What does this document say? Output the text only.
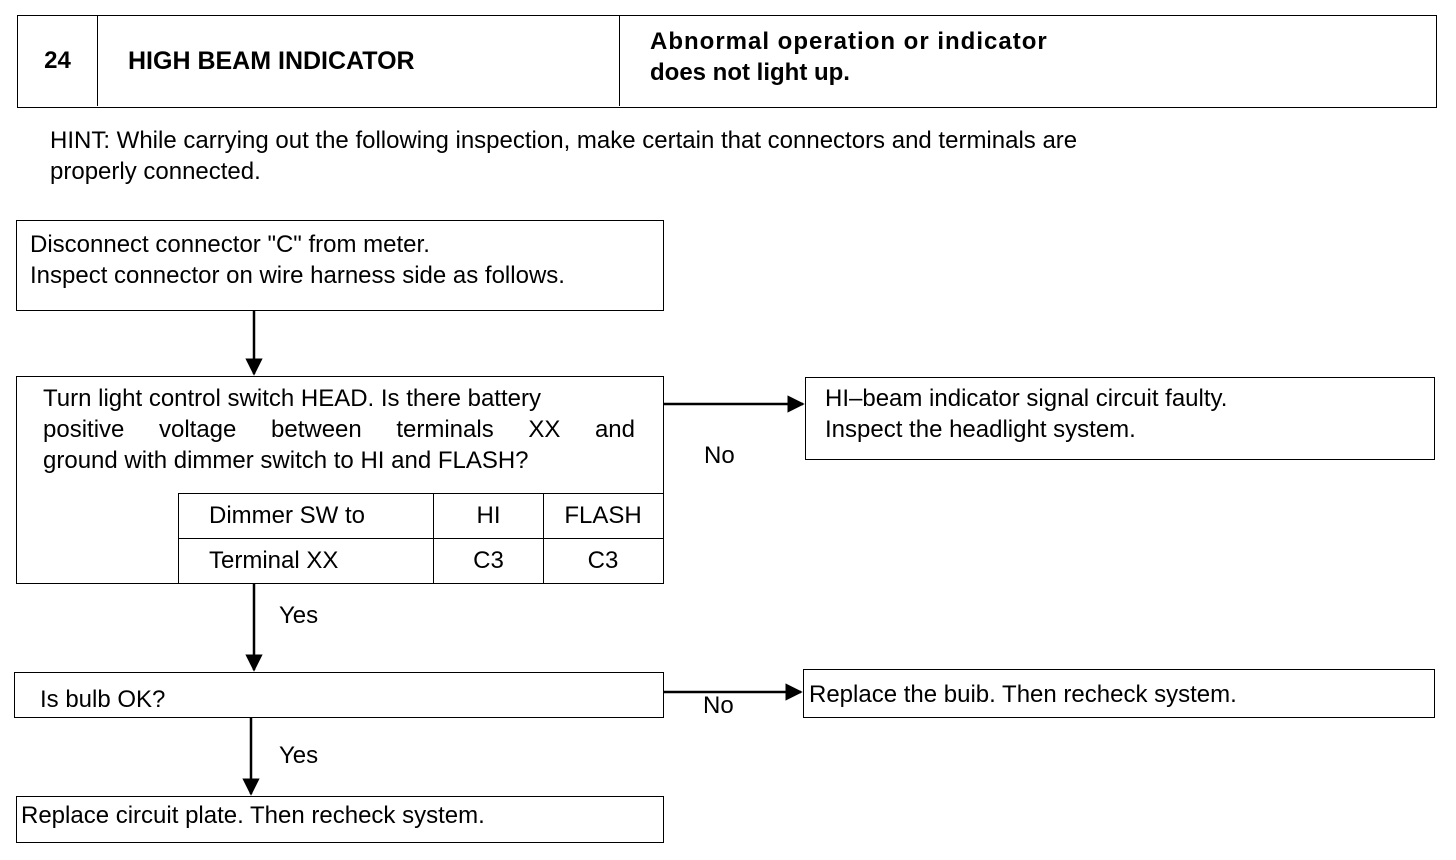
24 HIGH BEAM INDICATOR
Abnormal operation or indicator
does not light up.
HINT: While carrying out the following inspection, make certain that connectors and terminals are
properly connected.
Disconnect connector "C" from meter.
Inspect connector on wire harness side as follows.
Turn light control switch HEAD. Is there battery
positive voltage between terminals XX and
ground with dimmer switch to HI and FLASH?
Dimmer SW to	HI	FLASH
Terminal XX	C3	C3
HI–beam indicator signal circuit faulty.
Inspect the headlight system.
No
Yes
Is bulb OK?	Replace the buib. Then recheck system.
No
Yes
Replace circuit plate. Then recheck system.
